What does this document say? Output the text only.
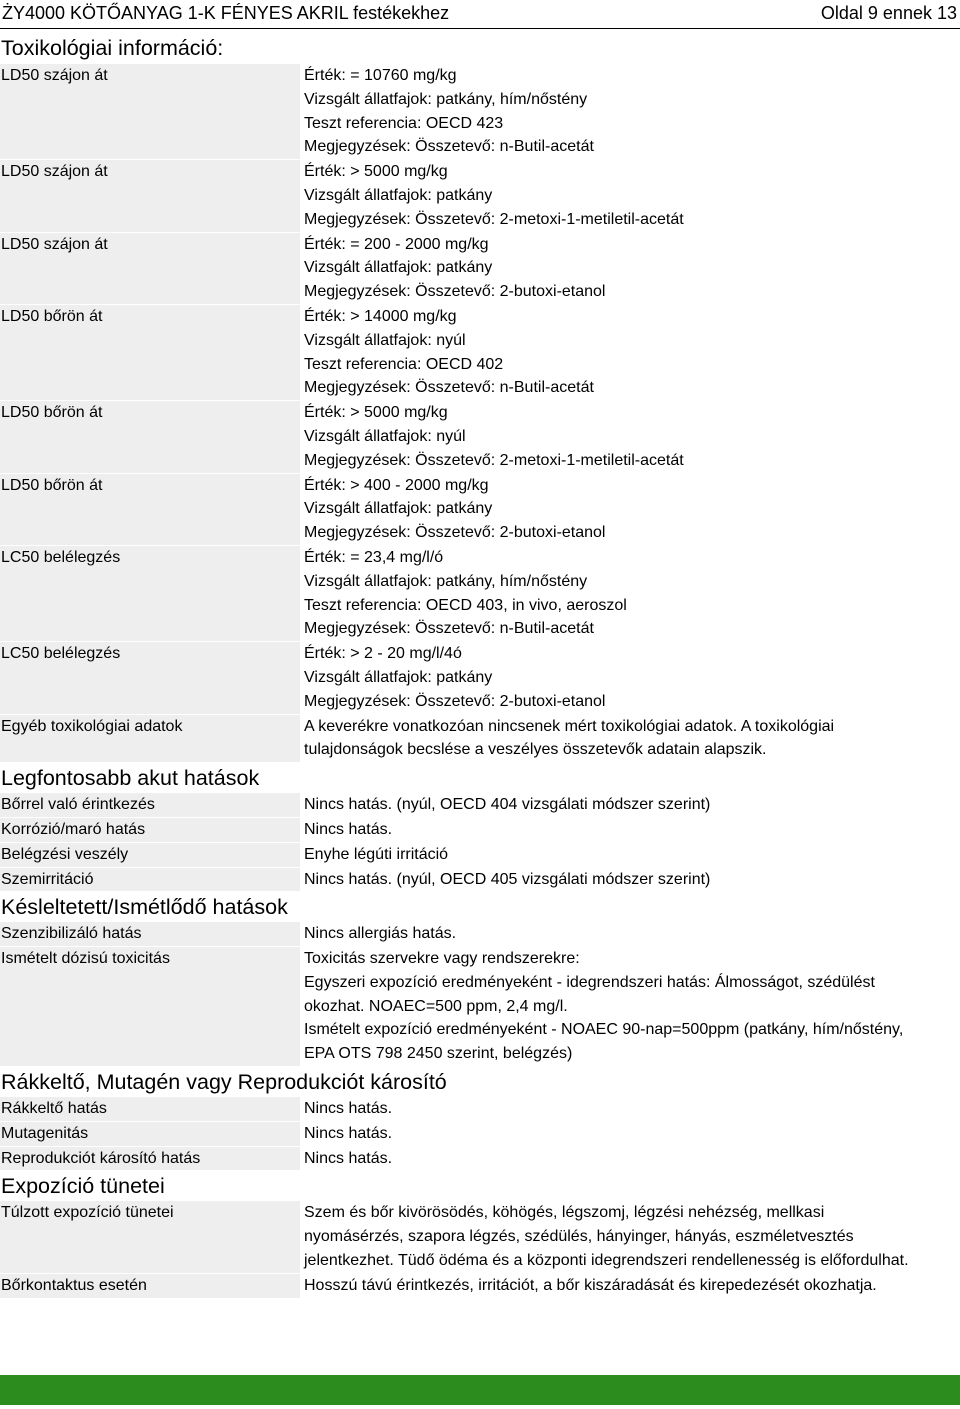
ŻY4000 KÖTŐANYAG 1-K FÉNYES AKRIL festékekhez	Oldal 9 ennek 13
Toxikológiai információ:
LD50 szájon át	Érték: = 10760 mg/kg
Vizsgált állatfajok: patkány, hím/nőstény
Teszt referencia: OECD 423
Megjegyzések: Összetevő: n-Butil-acetát
LD50 szájon át	Érték: > 5000 mg/kg
Vizsgált állatfajok: patkány
Megjegyzések: Összetevő: 2-metoxi-1-metiletil-acetát
LD50 szájon át	Érték: = 200 - 2000 mg/kg
Vizsgált állatfajok: patkány
Megjegyzések: Összetevő: 2-butoxi-etanol
LD50 bőrön át	Érték: > 14000 mg/kg
Vizsgált állatfajok: nyúl
Teszt referencia: OECD 402
Megjegyzések: Összetevő: n-Butil-acetát
LD50 bőrön át	Érték: > 5000 mg/kg
Vizsgált állatfajok: nyúl
Megjegyzések: Összetevő: 2-metoxi-1-metiletil-acetát
LD50 bőrön át	Érték: > 400 - 2000 mg/kg
Vizsgált állatfajok: patkány
Megjegyzések: Összetevő: 2-butoxi-etanol
LC50 belélegzés	Érték: = 23,4 mg/l/ó
Vizsgált állatfajok: patkány, hím/nőstény
Teszt referencia: OECD 403, in vivo, aeroszol
Megjegyzések: Összetevő: n-Butil-acetát
LC50 belélegzés	Érték: > 2 - 20 mg/l/4ó
Vizsgált állatfajok: patkány
Megjegyzések: Összetevő: 2-butoxi-etanol
Egyéb toxikológiai adatok	A keverékre vonatkozóan nincsenek mért toxikológiai adatok. A toxikológiai tulajdonságok becslése a veszélyes összetevők adatain alapszik.
Legfontosabb akut hatások
Bőrrel való érintkezés	Nincs hatás. (nyúl, OECD 404 vizsgálati módszer szerint)
Korrózió/maró hatás	Nincs hatás.
Belégzési veszély	Enyhe légúti irritáció
Szemirritáció	Nincs hatás. (nyúl, OECD 405 vizsgálati módszer szerint)
Késleltetett/Ismétlődő hatások
Szenzibilizáló hatás	Nincs allergiás hatás.
Ismételt dózisú toxicitás	Toxicitás szervekre vagy rendszerekre:
Egyszeri expozíció eredményeként - idegrendszeri hatás: Álmosságot, szédülést okozhat. NOAEC=500 ppm, 2,4 mg/l.
Ismételt expozíció eredményeként - NOAEC 90-nap=500ppm (patkány, hím/nőstény, EPA OTS 798 2450 szerint, belégzés)
Rákkeltő, Mutagén vagy Reprodukciót károsító
Rákkeltő hatás	Nincs hatás.
Mutagenitás	Nincs hatás.
Reprodukciót károsító hatás	Nincs hatás.
Expozíció tünetei
Túlzott expozíció tünetei	Szem és bőr kivörösödés, köhögés, légszomj, légzési nehézség, mellkasi nyomásérzés, szapora légzés, szédülés, hányinger, hányás, eszméletvesztés jelentkezhet. Tüdő ödéma és a központi idegrendszeri rendellenesség is előfordulhat.
Bőrkontaktus esetén	Hosszú távú érintkezés, irritációt, a bőr kiszáradását és kirepedezését okozhatja.
